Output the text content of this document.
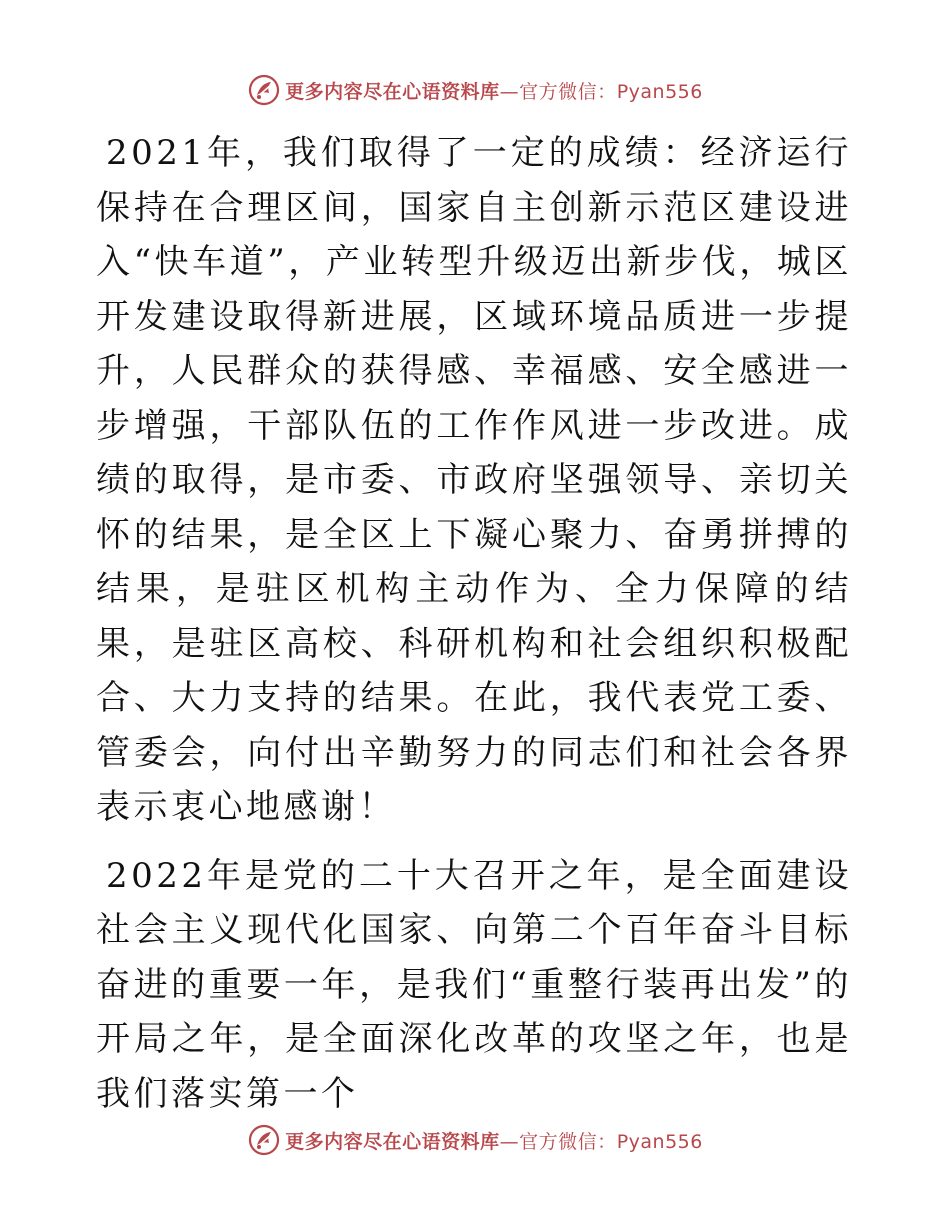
更多内容尽在心语资料库—官方微信：Pyan556

2021年，我们取得了一定的成绩：经济运行保持在合理区间，国家自主创新示范区建设进入“快车道”，产业转型升级迈出新步伐，城区开发建设取得新进展，区域环境品质进一步提升，人民群众的获得感、幸福感、安全感进一步增强，干部队伍的工作作风进一步改进。成绩的取得，是市委、市政府坚强领导、亲切关怀的结果，是全区上下凝心聚力、奋勇拼搏的结果，是驻区机构主动作为、全力保障的结果，是驻区高校、科研机构和社会组织积极配合、大力支持的结果。在此，我代表党工委、管委会，向付出辛勤努力的同志们和社会各界表示衷心地感谢！

2022年是党的二十大召开之年，是全面建设社会主义现代化国家、向第二个百年奋斗目标奋进的重要一年，是我们“重整行装再出发”的开局之年，是全面深化改革的攻坚之年，也是我们落实第一个

更多内容尽在心语资料库—官方微信：Pyan556
